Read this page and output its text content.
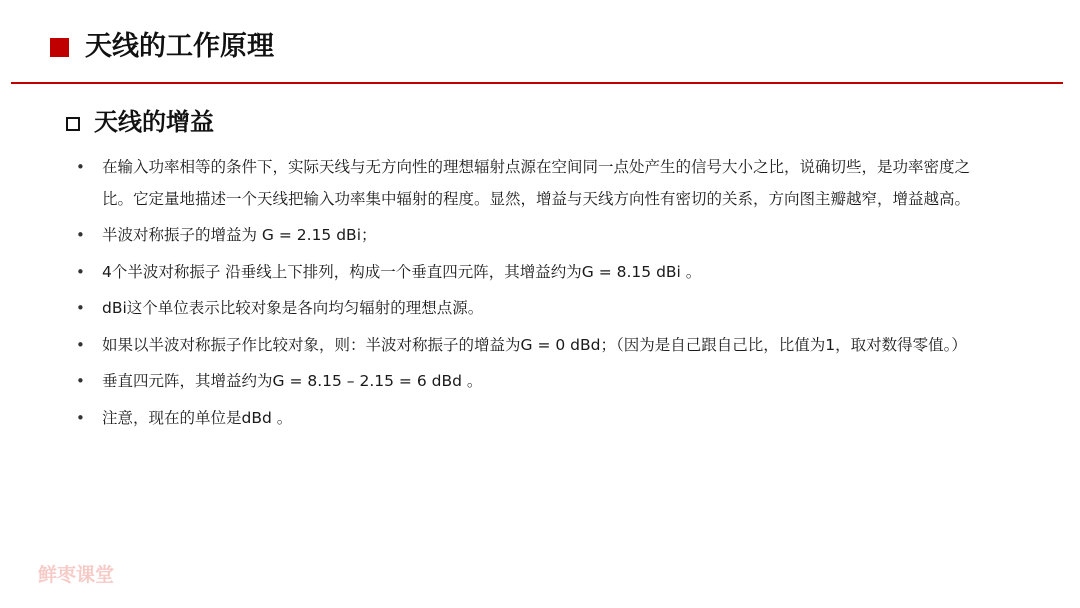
天线的工作原理
天线的增益
• 在输入功率相等的条件下，实际天线与无方向性的理想辐射点源在空间同一点处产生的信号大小之比，说确切些，是功率密度之比。它定量地描述一个天线把输入功率集中辐射的程度。显然，增益与天线方向性有密切的关系，方向图主瓣越窄，增益越高。
• 半波对称振子的增益为 G = 2.15 dBi；
• 4个半波对称振子 沿垂线上下排列，构成一个垂直四元阵，其增益约为G = 8.15 dBi 。
• dBi这个单位表示比较对象是各向均匀辐射的理想点源。
• 如果以半波对称振子作比较对象，则：半波对称振子的增益为G = 0 dBd；（因为是自己跟自己比，比值为1，取对数得零值。）
• 垂直四元阵，其增益约为G = 8.15 – 2.15 = 6 dBd 。
• 注意，现在的单位是dBd 。
鲜枣课堂
